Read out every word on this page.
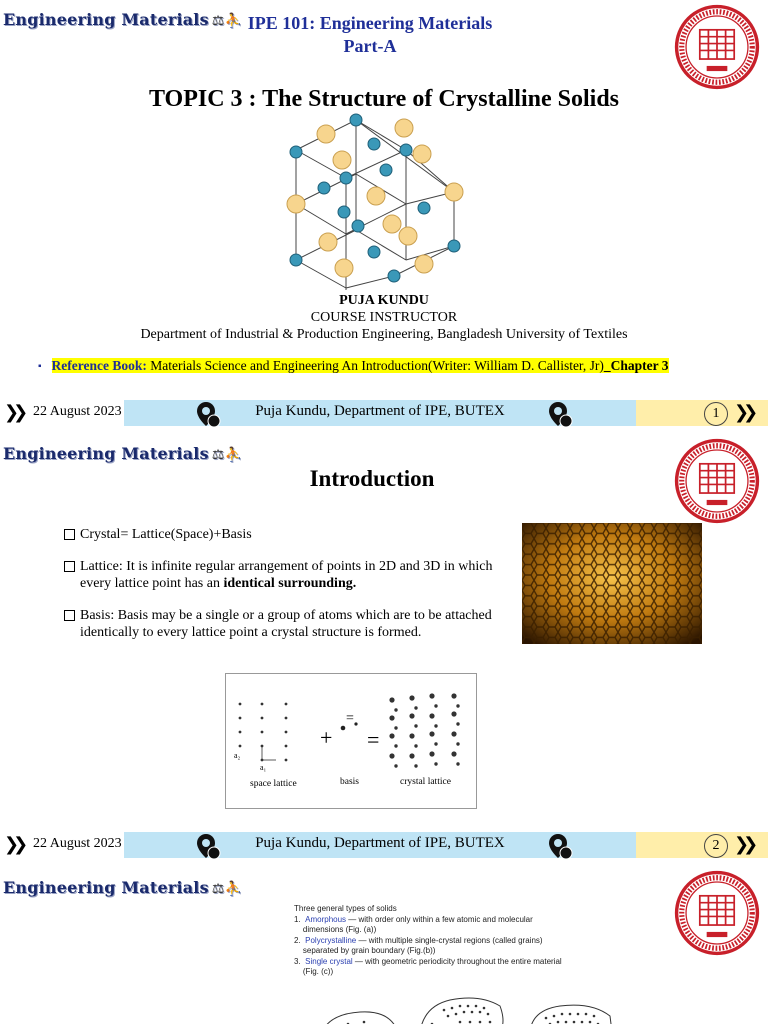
Engineering Materials ⚖⛹ IPE 101: Engineering Materials
Part-A
TOPIC 3 : The Structure of Crystalline Solids
PUJA KUNDU
COURSE INSTRUCTOR
Department of Industrial & Production Engineering, Bangladesh University of Textiles
▪ Reference Book: Materials Science and Engineering An Introduction(Writer: William D. Callister, Jr)_Chapter 3
❯❯ 22 August 2023	Puja Kundu, Department of IPE, BUTEX	1 ❯❯
Engineering Materials ⚖⛹
Introduction
Crystal= Lattice(Space)+Basis
Lattice: It is infinite regular arrangement of points in 2D and 3D in which every lattice point has an identical surrounding.
Basis: Basis may be a single or a group of atoms which are to be attached identically to every lattice point a crystal structure is formed.
=
+ =
a₂
a₁
space lattice	basis	crystal lattice
❯❯ 22 August 2023	Puja Kundu, Department of IPE, BUTEX	2 ❯❯
Engineering Materials ⚖⛹
Three general types of solids
1. Amorphous — with order only within a few atomic and molecular
dimensions (Fig. (a))
2. Polycrystalline — with multiple single-crystal regions (called grains)
separated by grain boundary (Fig.(b))
3. Single crystal — with geometric periodicity throughout the entire material
(Fig. (c))
